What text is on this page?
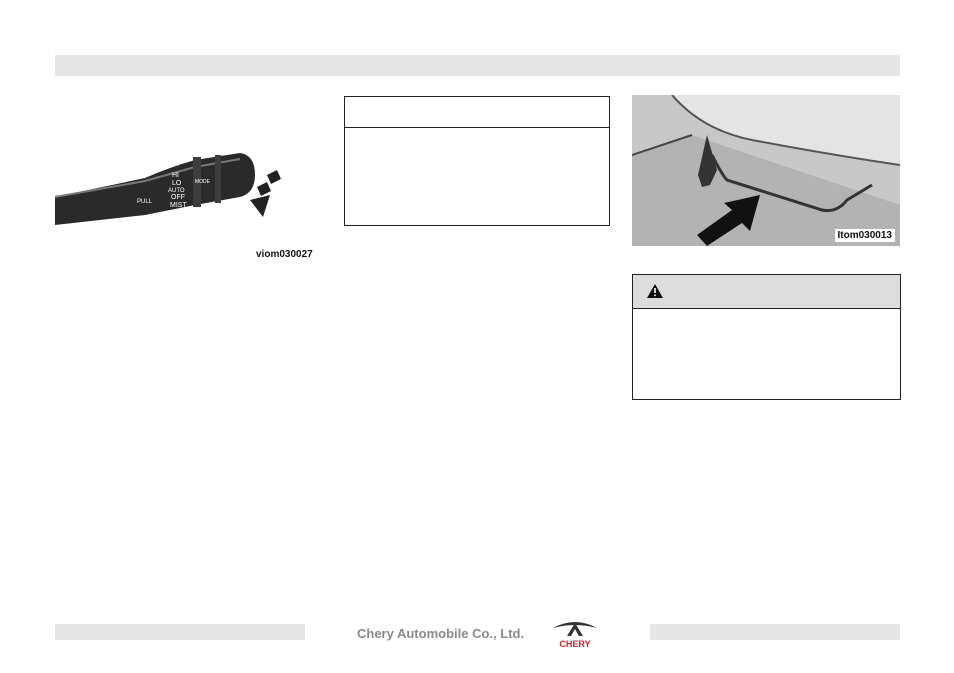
HI
LO
AUTO
OFF
MIST
PULL
MODE
viom030027
Itom030013
Chery Automobile Co., Ltd.
CHERY
